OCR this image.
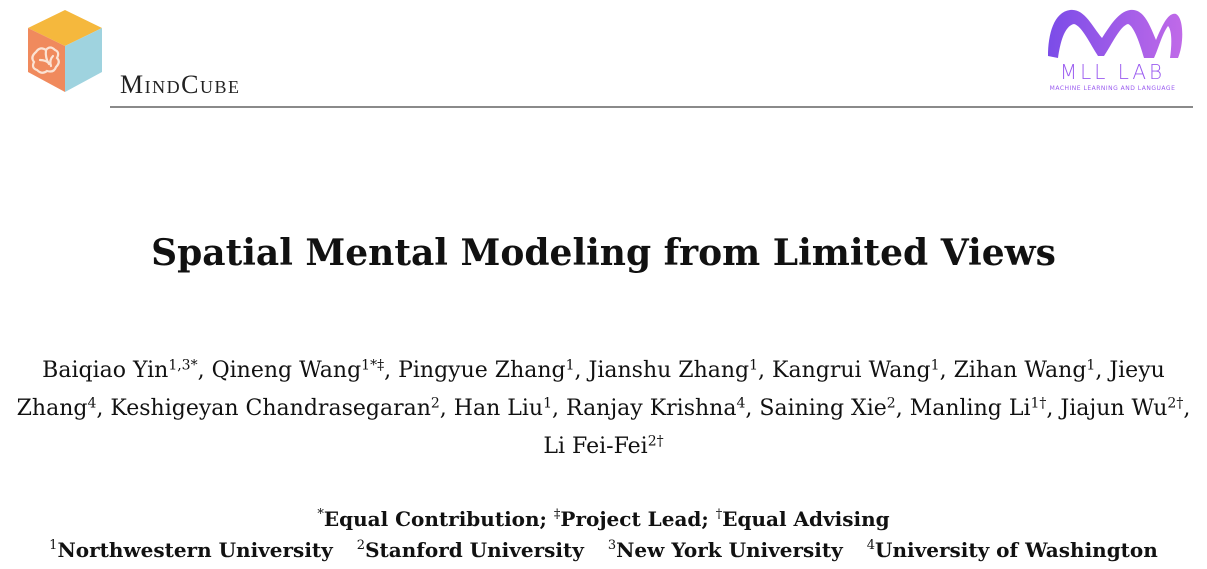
MindCube	MLL LAB
MACHINE LEARNING AND LANGUAGE
Spatial Mental Modeling from Limited Views
Baiqiao Yin$^{1,3*}$, Qineng Wang$^{1*\ddagger}$, Pingyue Zhang$^1$, Jianshu Zhang$^1$, Kangrui Wang$^1$, Zihan Wang$^1$, Jieyu Zhang$^4$, Keshigeyan Chandrasegaran$^2$, Han Liu$^1$, Ranjay Krishna$^4$, Saining Xie$^2$, Manling $Li^{1\dagger}$, Jiajun $Wu^{2\dagger}$, Li Fei-Fei$^{2\dagger}$
*Equal Contribution; ‡Project Lead; †Equal Advising
$^1$Northwestern University $^2$Stanford University $^3$New York University $^4$University of Washington
